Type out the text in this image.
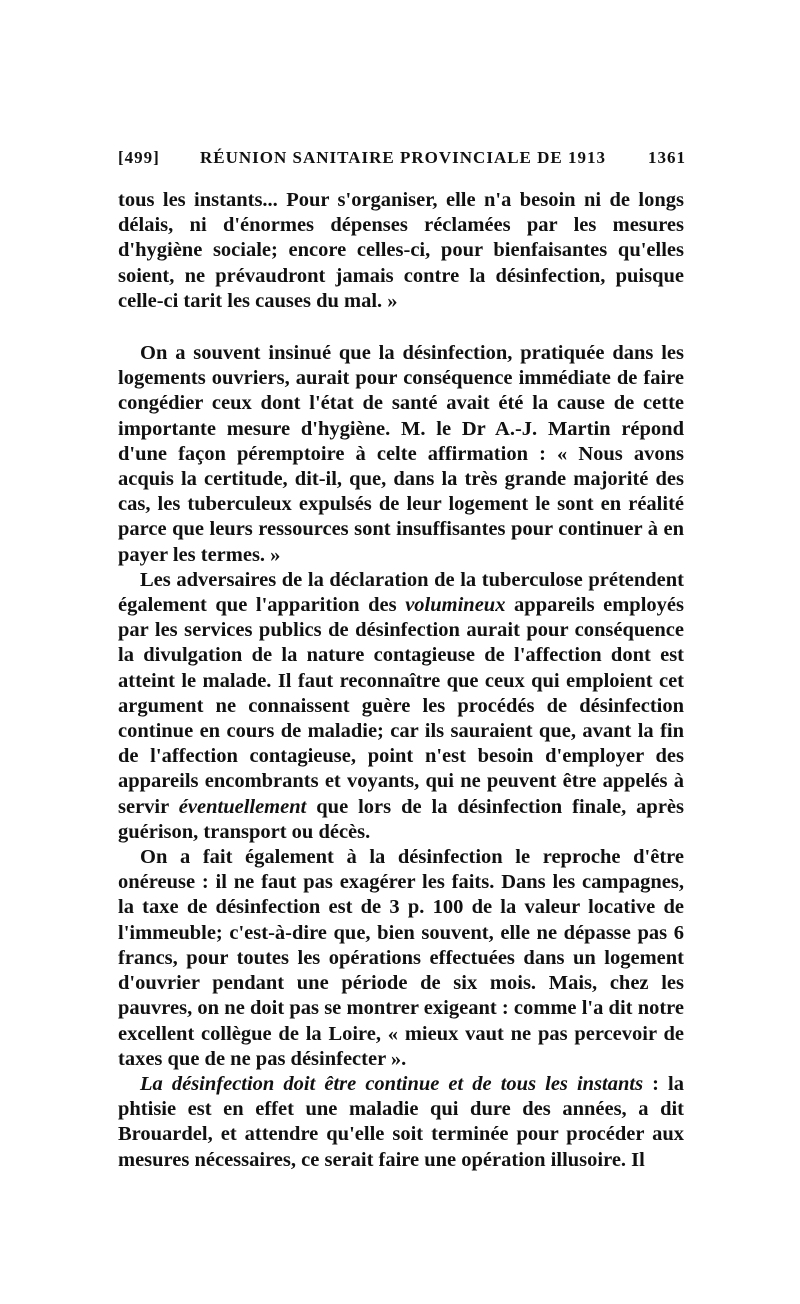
[499] RÉUNION SANITAIRE PROVINCIALE DE 1913 1361

tous les instants... Pour s'organiser, elle n'a besoin ni de longs délais, ni d'énormes dépenses réclamées par les mesures d'hygiène sociale; encore celles-ci, pour bienfaisantes qu'elles soient, ne prévaudront jamais contre la désinfection, puisque celle-ci tarit les causes du mal. »

On a souvent insinué que la désinfection, pratiquée dans les logements ouvriers, aurait pour conséquence immédiate de faire congédier ceux dont l'état de santé avait été la cause de cette importante mesure d'hygiène. M. le Dr A.-J. Martin répond d'une façon péremptoire à celte affirmation : « Nous avons acquis la certitude, dit-il, que, dans la très grande majorité des cas, les tuberculeux expulsés de leur logement le sont en réalité parce que leurs ressources sont insuffisantes pour continuer à en payer les termes. »

Les adversaires de la déclaration de la tuberculose prétendent également que l'apparition des volumineux appareils employés par les services publics de désinfection aurait pour conséquence la divulgation de la nature contagieuse de l'affection dont est atteint le malade. Il faut reconnaître que ceux qui emploient cet argument ne connaissent guère les procédés de désinfection continue en cours de maladie; car ils sauraient que, avant la fin de l'affection contagieuse, point n'est besoin d'employer des appareils encombrants et voyants, qui ne peuvent être appelés à servir éventuellement que lors de la désinfection finale, après guérison, transport ou décès.

On a fait également à la désinfection le reproche d'être onéreuse : il ne faut pas exagérer les faits. Dans les campagnes, la taxe de désinfection est de 3 p. 100 de la valeur locative de l'immeuble; c'est-à-dire que, bien souvent, elle ne dépasse pas 6 francs, pour toutes les opérations effectuées dans un logement d'ouvrier pendant une période de six mois. Mais, chez les pauvres, on ne doit pas se montrer exigeant : comme l'a dit notre excellent collègue de la Loire, « mieux vaut ne pas percevoir de taxes que de ne pas désinfecter ».

La désinfection doit être continue et de tous les instants : la phtisie est en effet une maladie qui dure des années, a dit Brouardel, et attendre qu'elle soit terminée pour procéder aux mesures nécessaires, ce serait faire une opération illusoire. Il
